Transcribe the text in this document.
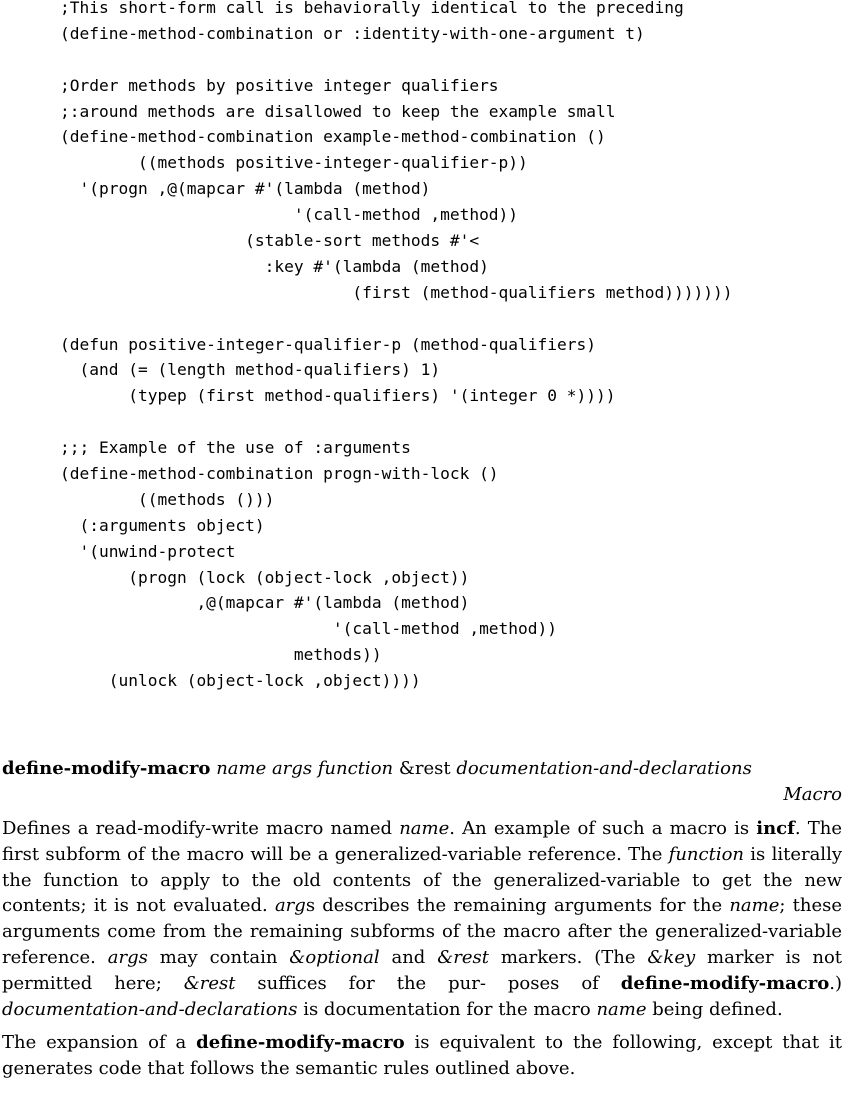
;This short-form call is behaviorally identical to the preceding
(define-method-combination or :identity-with-one-argument t)
;Order methods by positive integer qualifiers
;:around methods are disallowed to keep the example small
(define-method-combination example-method-combination ()
((methods positive-integer-qualifier-p))
'(progn ,@(mapcar #'(lambda (method)
'(call-method ,method))
(stable-sort methods #'<
:key #'(lambda (method)
(first (method-qualifiers method)))))))
(defun positive-integer-qualifier-p (method-qualifiers)
(and (= (length method-qualifiers) 1)
(typep (first method-qualifiers) '(integer 0 *))))
;;; Example of the use of :arguments
(define-method-combination progn-with-lock ()
((methods ()))
(:arguments object)
'(unwind-protect
(progn (lock (object-lock ,object))
,@(mapcar #'(lambda (method)
'(call-method ,method))
methods))
(unlock (object-lock ,object))))

define-modify-macro name args function &rest documentation-and-declarations

Macro

Defines a read-modify-write macro named name. An example of such a macro is incf. The first subform of the macro will be a generalized-variable reference. The function is literally the function to apply to the old contents of the generalized-variable to get the new contents; it is not evaluated. args describes the remaining arguments for the name; these arguments come from the remaining subforms of the macro after the generalized-variable reference. args may contain &optional and &rest markers. (The &key marker is not permitted here; &rest suffices for the pur- poses of define-modify-macro.) documentation-and-declarations is documentation for the macro name being defined.

The expansion of a define-modify-macro is equivalent to the following, except that it generates code that follows the semantic rules outlined above.
